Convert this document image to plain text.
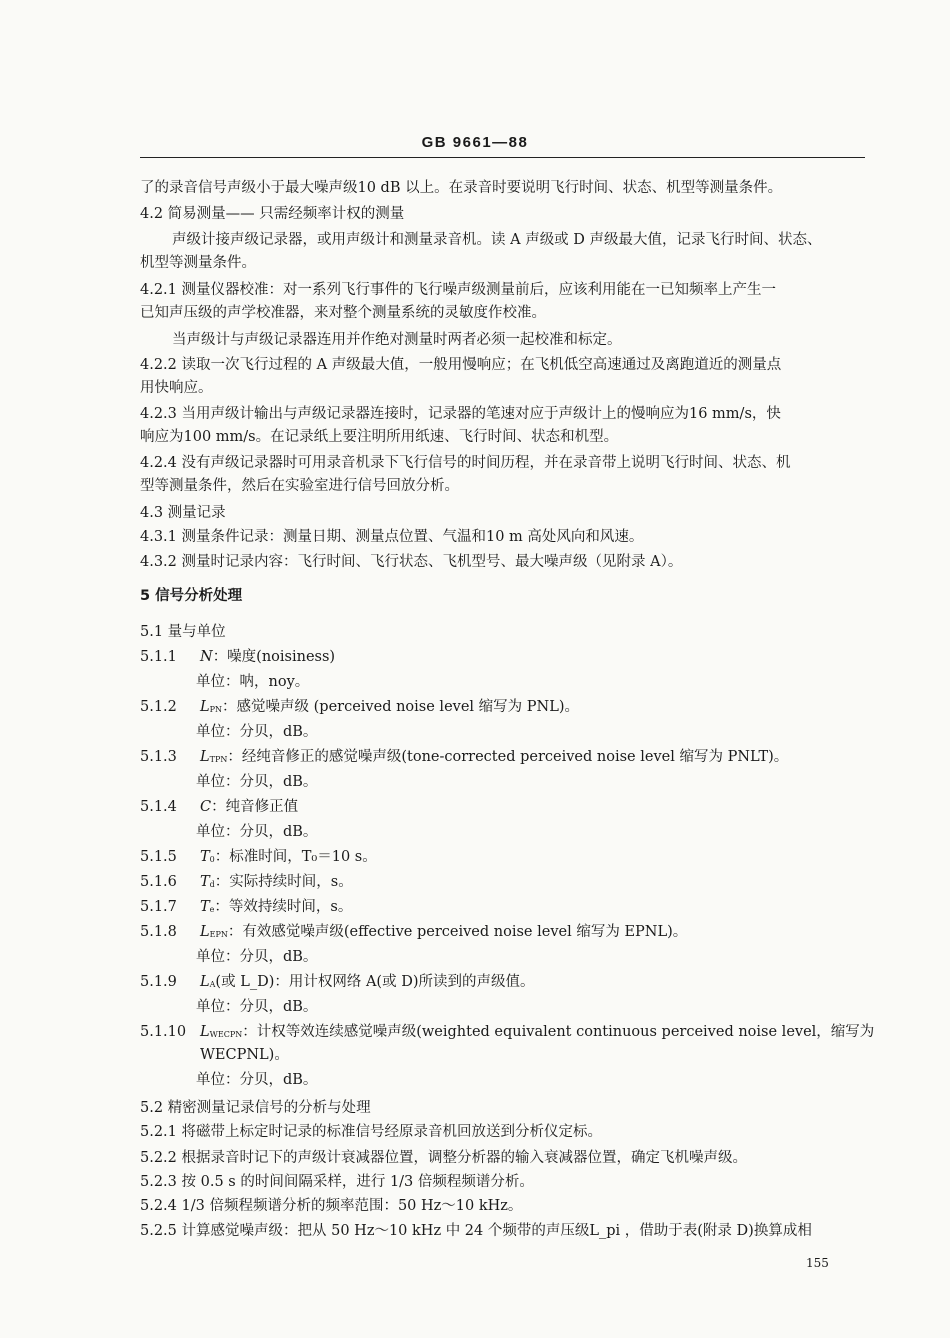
GB 9661—88
了的录音信号声级小于最大噪声级10 dB 以上。在录音时要说明飞行时间、状态、机型等测量条件。
4.2 简易测量—— 只需经频率计权的测量
声级计接声级记录器，或用声级计和测量录音机。读 A 声级或 D 声级最大值，记录飞行时间、状态、
机型等测量条件。
4.2.1 测量仪器校准：对一系列飞行事件的飞行噪声级测量前后，应该利用能在一已知频率上产生一
已知声压级的声学校准器，来对整个测量系统的灵敏度作校准。
当声级计与声级记录器连用并作绝对测量时两者必须一起校准和标定。
4.2.2 读取一次飞行过程的 A 声级最大值，一般用慢响应；在飞机低空高速通过及离跑道近的测量点
用快响应。
4.2.3 当用声级计输出与声级记录器连接时，记录器的笔速对应于声级计上的慢响应为16 mm/s，快
响应为100 mm/s。在记录纸上要注明所用纸速、飞行时间、状态和机型。
4.2.4 没有声级记录器时可用录音机录下飞行信号的时间历程，并在录音带上说明飞行时间、状态、机
型等测量条件，然后在实验室进行信号回放分析。
4.3 测量记录
4.3.1 测量条件记录：测量日期、测量点位置、气温和10 m 高处风向和风速。
4.3.2 测量时记录内容：飞行时间、飞行状态、飞机型号、最大噪声级（见附录 A）。
5 信号分析处理
5.1 量与单位
5.1.1 N：噪度(noisiness)
单位：呐，noy。
5.1.2 $L_{PN}$：感觉噪声级 (perceived noise level 缩写为 PNL)。
单位：分贝，dB。
5.1.3 $L_{TPN}$：经纯音修正的感觉噪声级(tone-corrected perceived noise level 缩写为 PNLT)。
单位：分贝，dB。
5.1.4 C：纯音修正值
单位：分贝，dB。
5.1.5 $T_0$：标准时间，T₀＝10 s。
5.1.6 $T_d$：实际持续时间，s。
5.1.7 $T_e$：等效持续时间，s。
5.1.8 $L_{EPN}$：有效感觉噪声级(effective perceived noise level 缩写为 EPNL)。
单位：分贝，dB。
5.1.9 $L_A$(或 L_D)：用计权网络 A(或 D)所读到的声级值。
单位：分贝，dB。
5.1.10 $L_{WECPN}$：计权等效连续感觉噪声级(weighted equivalent continuous perceived noise level，缩写为
WECPNL)。
单位：分贝，dB。
5.2 精密测量记录信号的分析与处理
5.2.1 将磁带上标定时记录的标准信号经原录音机回放送到分析仪定标。
5.2.2 根据录音时记下的声级计衰减器位置，调整分析器的输入衰减器位置，确定飞机噪声级。
5.2.3 按 0.5 s 的时间间隔采样，进行 1/3 倍频程频谱分析。
5.2.4 1/3 倍频程频谱分析的频率范围：50 Hz～10 kHz。
5.2.5 计算感觉噪声级：把从 50 Hz～10 kHz 中 24 个频带的声压级L_pi ，借助于表(附录 D)换算成相
155
